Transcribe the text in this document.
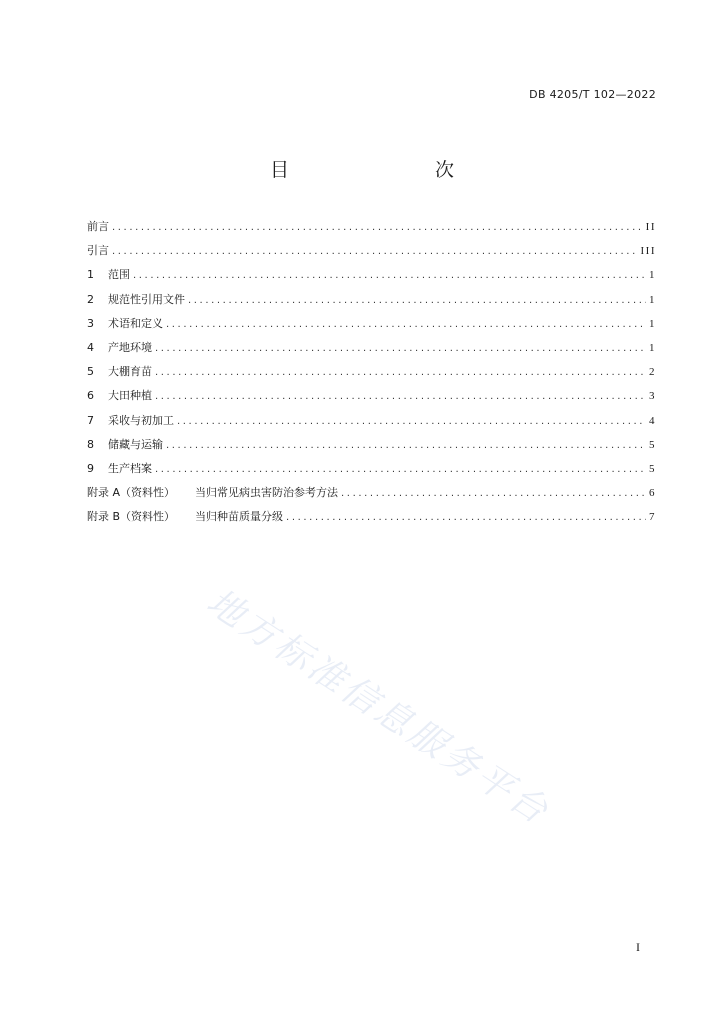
DB 4205/T 102—2022
目　　次
前言 .....	II
引言 .....	III
1	范围 .....	1
2	规范性引用文件 .....	1
3	术语和定义 .....	1
4	产地环境 .....	1
5	大棚育苗 .....	2
6	大田种植 .....	3
7	采收与初加工 .....	4
8	储藏与运输 .....	5
9	生产档案 .....	5
附录 A（资料性） 当归常见病虫害防治参考方法 .....	6
附录 B（资料性） 当归种苗质量分级 .....	7
地方标准信息服务平台
I
